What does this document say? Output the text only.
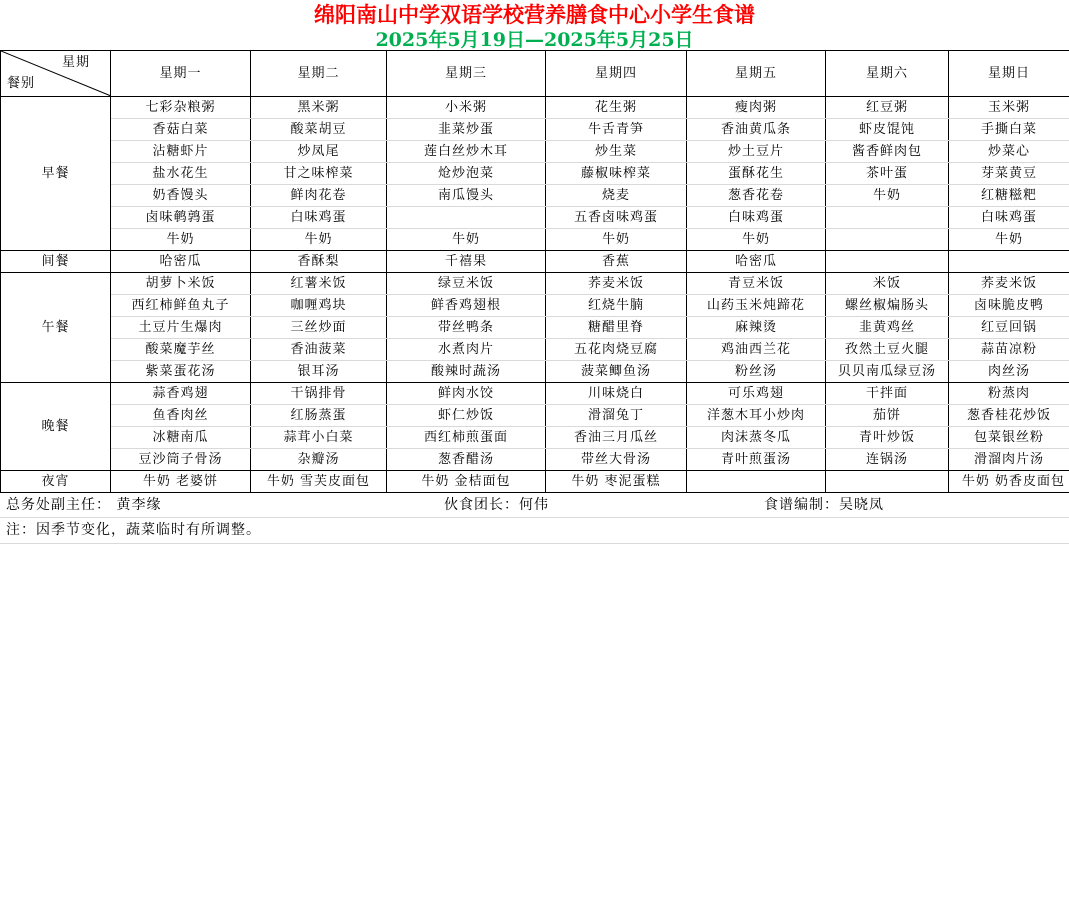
绵阳南山中学双语学校营养膳食中心小学生食谱
2025年5月19日—2025年5月25日
星期
餐别	星期一	星期二	星期三	星期四	星期五	星期六	星期日
早餐	七彩杂粮粥	黑米粥	小米粥	花生粥	瘦肉粥	红豆粥	玉米粥
	香菇白菜	酸菜胡豆	韭菜炒蛋	牛舌青笋	香油黄瓜条	虾皮馄饨	手撕白菜
	沾糖虾片	炒凤尾	莲白丝炒木耳	炒生菜	炒土豆片	酱香鲜肉包	炒菜心
	盐水花生	甘之味榨菜	炝炒泡菜	藤椒味榨菜	蛋酥花生	茶叶蛋	芽菜黄豆
	奶香馒头	鲜肉花卷	南瓜馒头	烧麦	葱香花卷	牛奶	红糖糍粑
	卤味鹌鹑蛋	白味鸡蛋		五香卤味鸡蛋	白味鸡蛋		白味鸡蛋
	牛奶	牛奶	牛奶	牛奶	牛奶		牛奶
间餐	哈密瓜	香酥梨	千禧果	香蕉	哈密瓜		
午餐	胡萝卜米饭	红薯米饭	绿豆米饭	荞麦米饭	青豆米饭	米饭	荞麦米饭
	西红柿鲜鱼丸子	咖喱鸡块	鲜香鸡翅根	红烧牛腩	山药玉米炖蹄花	螺丝椒煸肠头	卤味脆皮鸭
	土豆片生爆肉	三丝炒面	带丝鸭条	糖醋里脊	麻辣烫	韭黄鸡丝	红豆回锅
	酸菜魔芋丝	香油菠菜	水煮肉片	五花肉烧豆腐	鸡油西兰花	孜然土豆火腿	蒜苗凉粉
	紫菜蛋花汤	银耳汤	酸辣时蔬汤	菠菜鲫鱼汤	粉丝汤	贝贝南瓜绿豆汤	肉丝汤
晚餐	蒜香鸡翅	干锅排骨	鲜肉水饺	川味烧白	可乐鸡翅	干拌面	粉蒸肉
	鱼香肉丝	红肠蒸蛋	虾仁炒饭	滑溜兔丁	洋葱木耳小炒肉	茄饼	葱香桂花炒饭
	冰糖南瓜	蒜茸小白菜	西红柿煎蛋面	香油三月瓜丝	肉沫蒸冬瓜	青叶炒饭	包菜银丝粉
	豆沙筒子骨汤	杂瓣汤	葱香醋汤	带丝大骨汤	青叶煎蛋汤	连锅汤	滑溜肉片汤
夜宵	牛奶 老婆饼	牛奶 雪芙皮面包	牛奶 金桔面包	牛奶 枣泥蛋糕			牛奶 奶香皮面包
总务处副主任： 黄李缘	伙食团长：何伟	食谱编制：吴晓凤
注：因季节变化，蔬菜临时有所调整。
